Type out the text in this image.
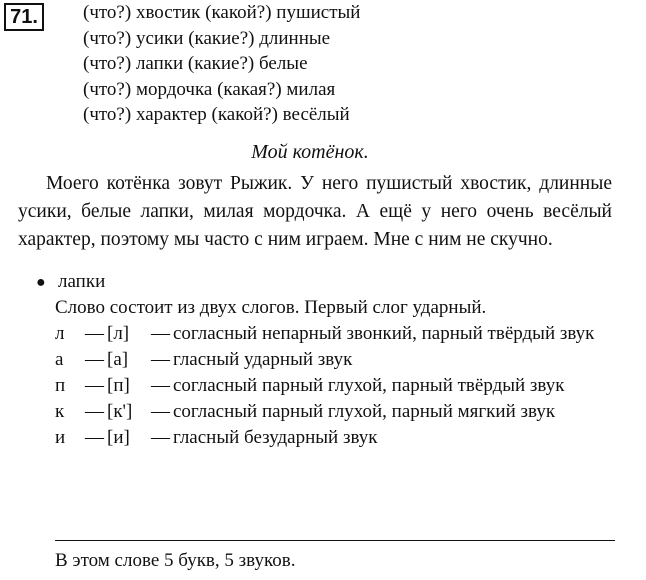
71.	(что?) хвостик (какой?) пушистый
(что?) усики (какие?) длинные
(что?) лапки (какие?) белые
(что?) мордочка (какая?) милая
(что?) характер (какой?) весёлый
Мой котёнок.
Моего котёнка зовут Рыжик. У него пушистый хвостик, длинные усики, белые лапки, милая мордочка. А ещё у него очень весёлый характер, поэтому мы часто с ним играем. Мне с ним не скучно.
● лапки
Слово состоит из двух слогов. Первый слог ударный.
л	— [л]	— согласный непарный звонкий, парный твёрдый звук
а	— [а]	— гласный ударный звук
п	— [п]	— согласный парный глухой, парный твёрдый звук
к	— [к'] — согласный парный глухой, парный мягкий звук
и	— [и]	— гласный безударный звук
В этом слове 5 букв, 5 звуков.
